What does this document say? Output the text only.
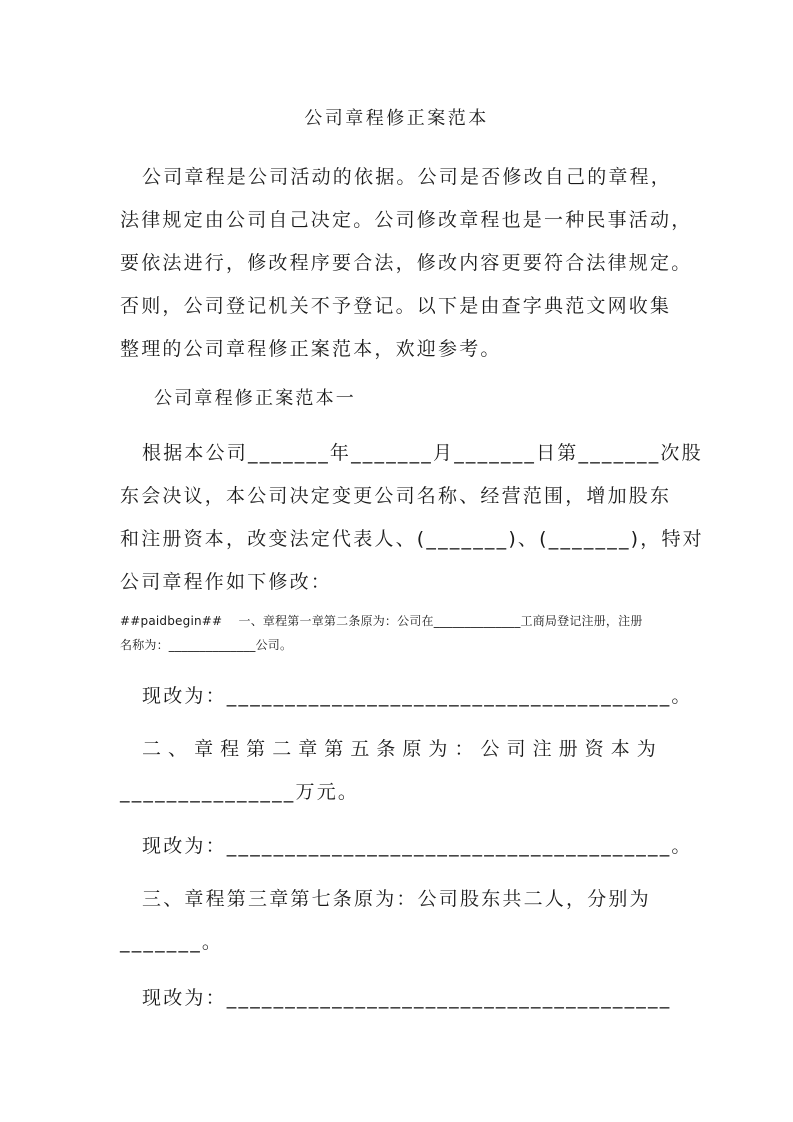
公司章程修正案范本
公司章程是公司活动的依据。公司是否修改自己的章程，
法律规定由公司自己决定。公司修改章程也是一种民事活动，
要依法进行，修改程序要合法，修改内容更要符合法律规定。
否则，公司登记机关不予登记。以下是由查字典范文网收集
整理的公司章程修正案范本，欢迎参考。
公司章程修正案范本一
根据本公司_______年_______月_______日第_______次股
东会决议，本公司决定变更公司名称、经营范围，增加股东
和注册资本，改变法定代表人、(_______)、(_______)，特对
公司章程作如下修改：
##paidbegin##　 一、章程第一章第二条原为：公司在______________工商局登记注册，注册
名称为：______________公司。
现改为：______________________________________。
二 、 章 程 第 二 章 第 五 条 原 为 ： 公 司 注 册 资 本 为
_______________万元。
现改为：______________________________________。
三、章程第三章第七条原为：公司股东共二人，分别为
_______。
现改为：______________________________________
